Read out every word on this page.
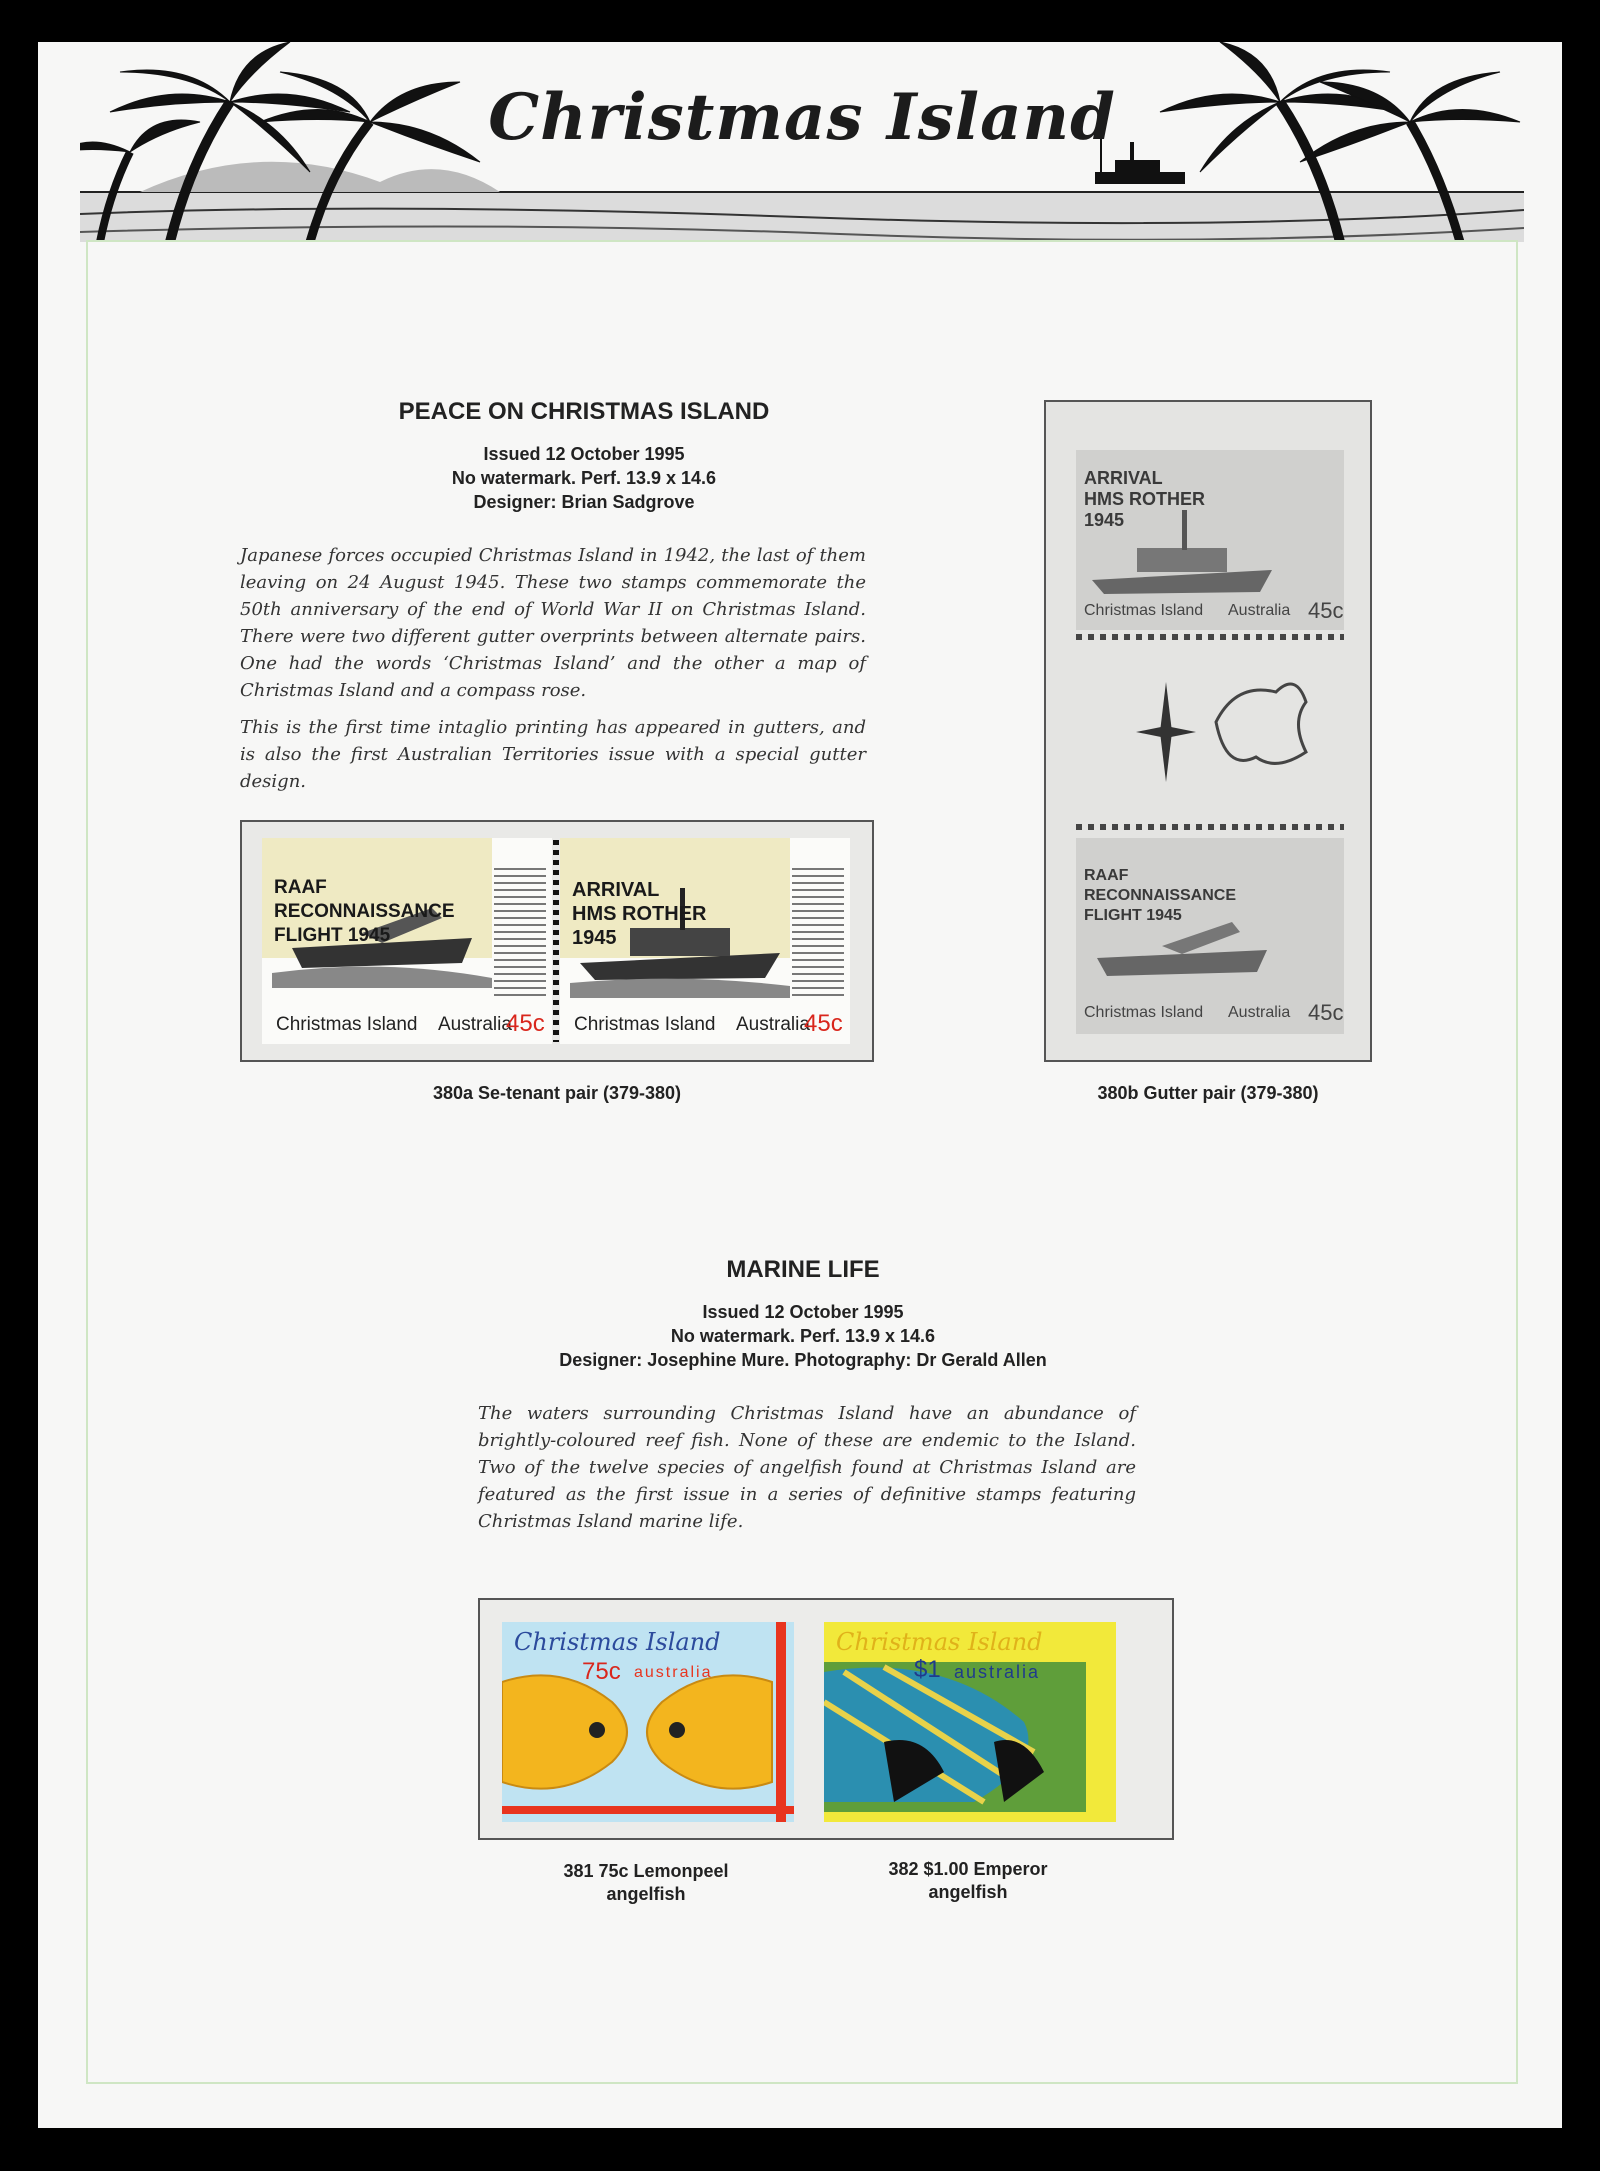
Christmas Island
PEACE ON CHRISTMAS ISLAND
Issued 12 October 1995
No watermark. Perf. 13.9 x 14.6
Designer: Brian Sadgrove
Japanese forces occupied Christmas Island in 1942, the last of them leaving on 24 August 1945. These two stamps commemorate the 50th anniversary of the end of World War II on Christmas Island. There were two different gutter overprints between alternate pairs. One had the words ‘Christmas Island’ and the other a map of Christmas Island and a compass rose.
This is the first time intaglio printing has appeared in gutters, and is also the first Australian Territories issue with a special gutter design.
RAAF
RECONNAISSANCE
FLIGHT 1945
Christmas Island Australia
45c
ARRIVAL
HMS ROTHER
1945
Christmas Island Australia
45c
380a Se-tenant pair (379-380)
ARRIVAL
HMS ROTHER
1945
Christmas Island Australia 45c
RAAF
RECONNAISSANCE
FLIGHT 1945
Christmas Island Australia 45c
380b Gutter pair (379-380)
MARINE LIFE
Issued 12 October 1995
No watermark. Perf. 13.9 x 14.6
Designer: Josephine Mure. Photography: Dr Gerald Allen
The waters surrounding Christmas Island have an abundance of brightly-coloured reef fish. None of these are endemic to the Island. Two of the twelve species of angelfish found at Christmas Island are featured as the first issue in a series of definitive stamps featuring Christmas Island marine life.
Christmas Island
75c australia
Christmas Island
$1 australia
381 75c Lemonpeel
angelfish
382 $1.00 Emperor
angelfish
